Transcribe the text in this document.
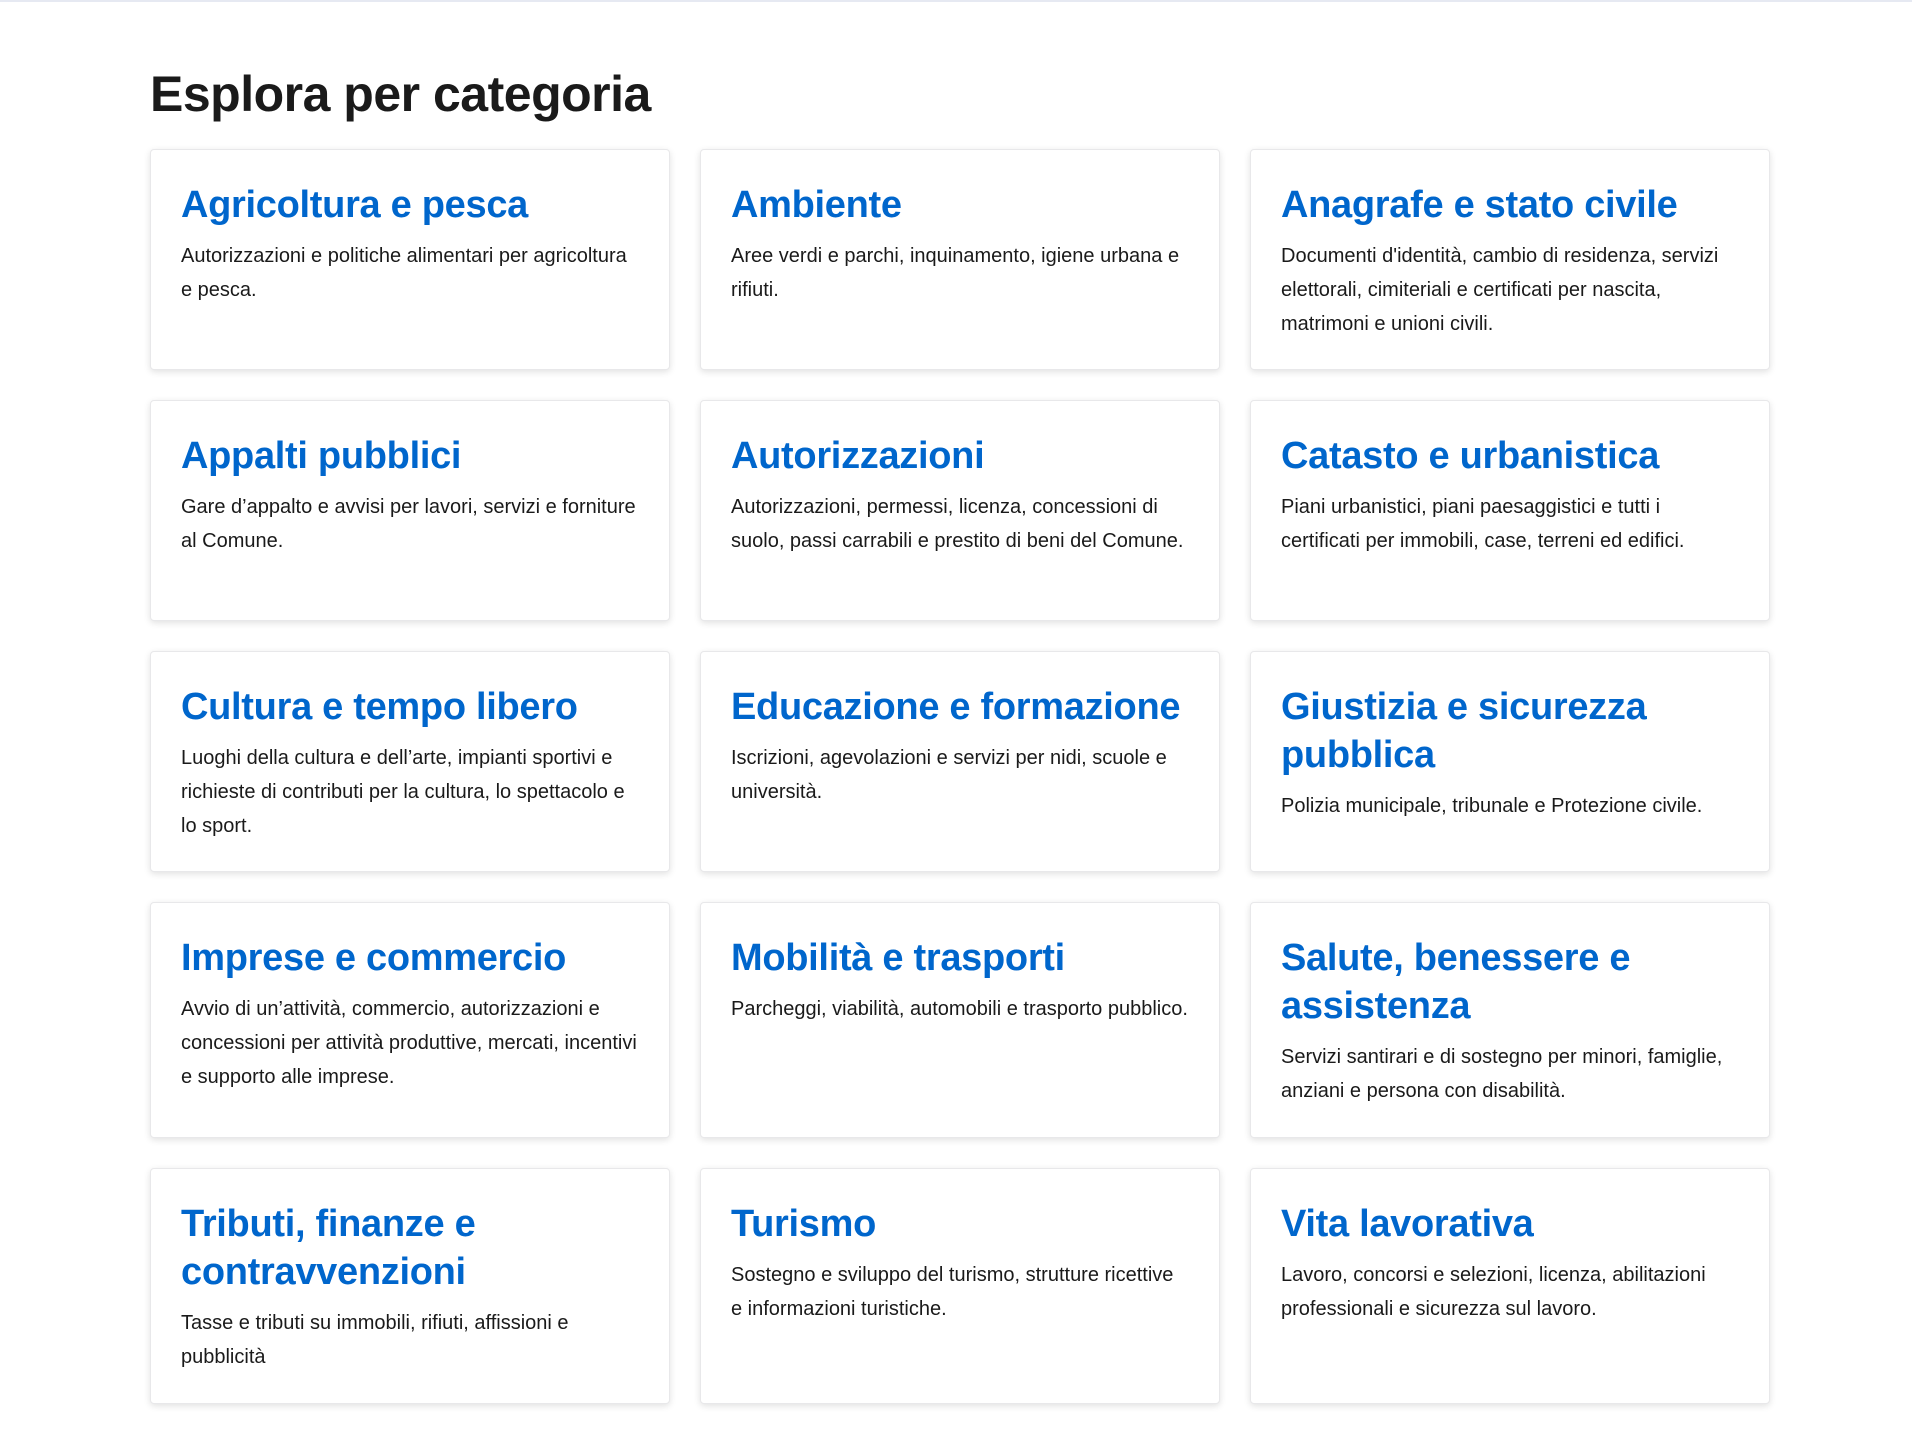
Esplora per categoria
Agricoltura e pesca

Autorizzazioni e politiche alimentari per agricoltura e pesca.

Ambiente

Aree verdi e parchi, inquinamento, igiene urbana e rifiuti.

Anagrafe e stato civile

Documenti d'identità, cambio di residenza, servizi elettorali, cimiteriali e certificati per nascita, matrimoni e unioni civili.

Appalti pubblici

Gare d’appalto e avvisi per lavori, servizi e forniture al Comune.

Autorizzazioni

Autorizzazioni, permessi, licenza, concessioni di suolo, passi carrabili e prestito di beni del Comune.

Catasto e urbanistica

Piani urbanistici, piani paesaggistici e tutti i certificati per immobili, case, terreni ed edifici.

Cultura e tempo libero

Luoghi della cultura e dell’arte, impianti sportivi e richieste di contributi per la cultura, lo spettacolo e lo sport.

Educazione e formazione

Iscrizioni, agevolazioni e servizi per nidi, scuole e università.

Giustizia e sicurezza pubblica

Polizia municipale, tribunale e Protezione civile.

Imprese e commercio

Avvio di un’attività, commercio, autorizzazioni e concessioni per attività produttive, mercati, incentivi e supporto alle imprese.

Mobilità e trasporti

Parcheggi, viabilità, automobili e trasporto pubblico.

Salute, benessere e assistenza

Servizi santirari e di sostegno per minori, famiglie, anziani e persona con disabilità.

Tributi, finanze e contravvenzioni

Tasse e tributi su immobili, rifiuti, affissioni e pubblicità

Turismo

Sostegno e sviluppo del turismo, strutture ricettive e informazioni turistiche.

Vita lavorativa

Lavoro, concorsi e selezioni, licenza, abilitazioni professionali e sicurezza sul lavoro.
